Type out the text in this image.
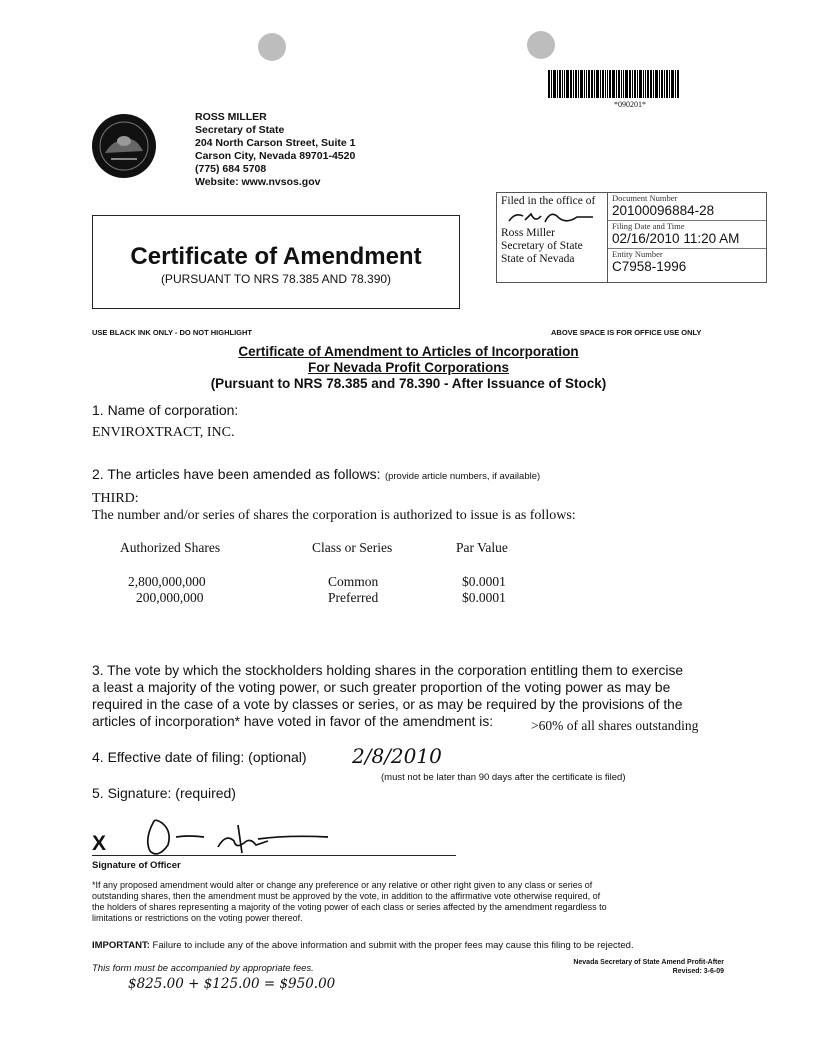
*090201*
ROSS MILLER
Secretary of State
204 North Carson Street, Suite 1
Carson City, Nevada 89701-4520
(775) 684 5708
Website: www.nvsos.gov
Certificate of Amendment
(PURSUANT TO NRS 78.385 AND 78.390)
Filed in the office of
Ross Miller
Secretary of State
State of Nevada
Document Number
20100096884-28
Filing Date and Time
02/16/2010 11:20 AM
Entity Number
C7958-1996
USE BLACK INK ONLY - DO NOT HIGHLIGHT	ABOVE SPACE IS FOR OFFICE USE ONLY
Certificate of Amendment to Articles of Incorporation
For Nevada Profit Corporations
(Pursuant to NRS 78.385 and 78.390 - After Issuance of Stock)
1. Name of corporation:
ENVIROXTRACT, INC.
2. The articles have been amended as follows: (provide article numbers, if available)
THIRD:
The number and/or series of shares the corporation is authorized to issue is as follows:
Authorized Shares	Class or Series	Par Value
2,800,000,000	Common	$0.0001
200,000,000	Preferred	$0.0001
3. The vote by which the stockholders holding shares in the corporation entitling them to exercise
a least a majority of the voting power, or such greater proportion of the voting power as may be
required in the case of a vote by classes or series, or as may be required by the provisions of the
articles of incorporation* have voted in favor of the amendment is:	>60% of all shares outstanding
4. Effective date of filing: (optional) 2/8/2010
(must not be later than 90 days after the certificate is filed)
5. Signature: (required)
X
Signature of Officer
*If any proposed amendment would alter or change any preference or any relative or other right given to any class or series of
outstanding shares, then the amendment must be approved by the vote, in addition to the affirmative vote otherwise required, of
the holders of shares representing a majority of the voting power of each class or series affected by the amendment regardless to
limitations or restrictions on the voting power thereof.
IMPORTANT: Failure to include any of the above information and submit with the proper fees may cause this filing to be rejected.
This form must be accompanied by appropriate fees.
$825.00 + $125.00 = $950.00
Nevada Secretary of State Amend Profit-After
Revised: 3-6-09
